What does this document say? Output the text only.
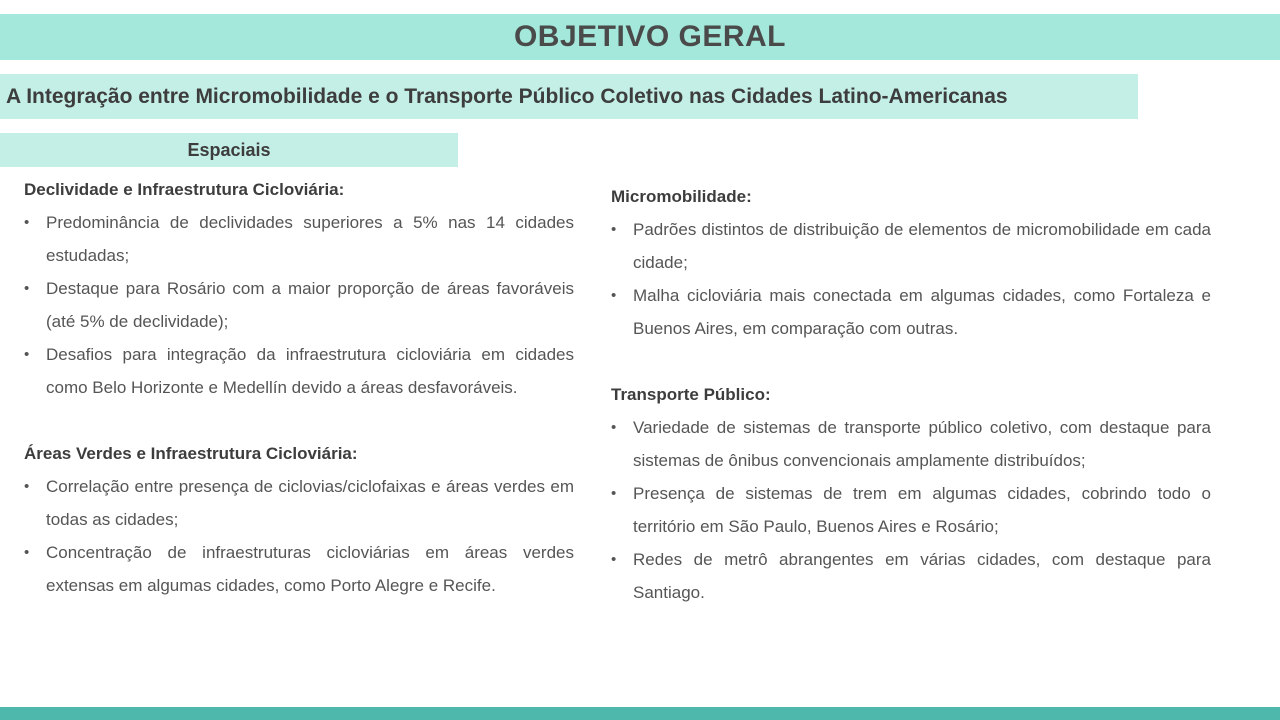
OBJETIVO GERAL
A Integração entre Micromobilidade e o Transporte Público Coletivo nas Cidades Latino-Americanas
Espaciais
Declividade e Infraestrutura Cicloviária:
• Predominância de declividades superiores a 5% nas 14 cidades estudadas;
• Destaque para Rosário com a maior proporção de áreas favoráveis (até 5% de declividade);
• Desafios para integração da infraestrutura cicloviária em cidades como Belo Horizonte e Medellín devido a áreas desfavoráveis.
Áreas Verdes e Infraestrutura Cicloviária:
• Correlação entre presença de ciclovias/ciclofaixas e áreas verdes em todas as cidades;
• Concentração de infraestruturas cicloviárias em áreas verdes extensas em algumas cidades, como Porto Alegre e Recife.
Micromobilidade:
• Padrões distintos de distribuição de elementos de micromobilidade em cada cidade;
• Malha cicloviária mais conectada em algumas cidades, como Fortaleza e Buenos Aires, em comparação com outras.
Transporte Público:
• Variedade de sistemas de transporte público coletivo, com destaque para sistemas de ônibus convencionais amplamente distribuídos;
• Presença de sistemas de trem em algumas cidades, cobrindo todo o território em São Paulo, Buenos Aires e Rosário;
• Redes de metrô abrangentes em várias cidades, com destaque para Santiago.
